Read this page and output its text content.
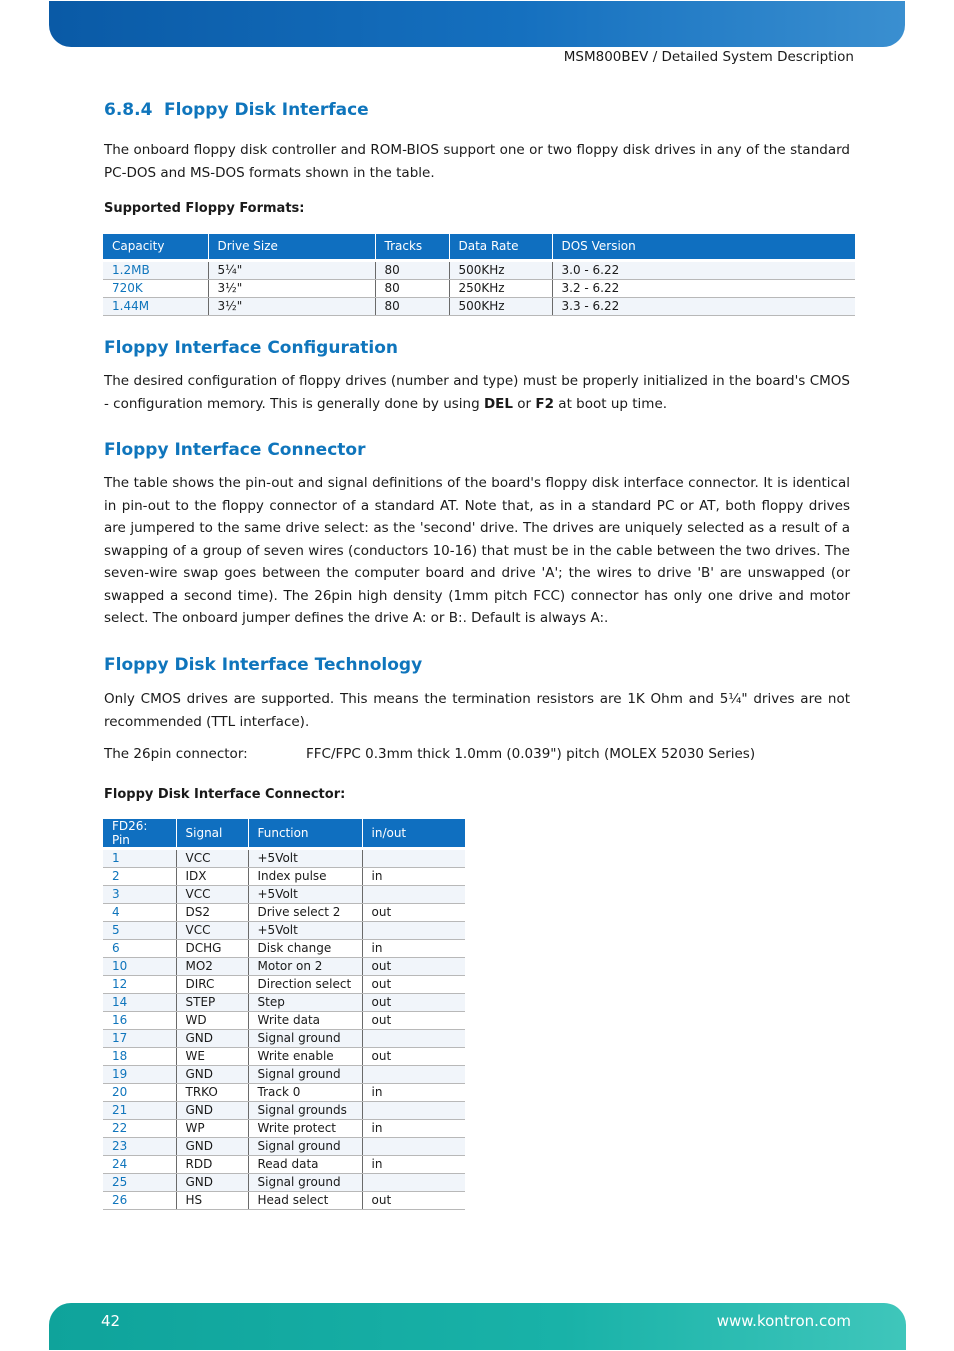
MSM800BEV / Detailed System Description
6.8.4 Floppy Disk Interface

The onboard floppy disk controller and ROM-BIOS support one or two floppy disk drives in any of the standard PC-DOS and MS-DOS formats shown in the table.

Supported Floppy Formats:
Capacity	Drive Size	Tracks	Data Rate	DOS Version
1.2MB	5¼"	80	500KHz	3.0 - 6.22
720K	3½"	80	250KHz	3.2 - 6.22
1.44M	3½"	80	500KHz	3.3 - 6.22
Floppy Interface Configuration

The desired configuration of floppy drives (number and type) must be properly initialized in the board's CMOS - configuration memory. This is generally done by using DEL or F2 at boot up time.

Floppy Interface Connector

The table shows the pin-out and signal definitions of the board's floppy disk interface connector. It is identical in pin-out to the floppy connector of a standard AT. Note that, as in a standard PC or AT, both floppy drives are jumpered to the same drive select: as the 'second' drive. The drives are uniquely selected as a result of a swapping of a group of seven wires (conductors 10-16) that must be in the cable between the two drives. The seven-wire swap goes between the computer board and drive 'A'; the wires to drive 'B' are unswapped (or swapped a second time). The 26pin high density (1mm pitch FCC) connector has only one drive and motor select. The onboard jumper defines the drive A: or B:. Default is always A:.

Floppy Disk Interface Technology

Only CMOS drives are supported. This means the termination resistors are 1K Ohm and 5¼" drives are not recommended (TTL interface).

The 26pin connector:	FFC/FPC 0.3mm thick 1.0mm (0.039") pitch (MOLEX 52030 Series)
Floppy Disk Interface Connector:
FD26: Pin	Signal	Function	in/out
1	VCC	+5Volt	
2	IDX	Index pulse	in
3	VCC	+5Volt	
4	DS2	Drive select 2	out
5	VCC	+5Volt	
6	DCHG	Disk change	in
10	MO2	Motor on 2	out
12	DIRC	Direction select	out
14	STEP	Step	out
16	WD	Write data	out
17	GND	Signal ground	
18	WE	Write enable	out
19	GND	Signal ground	
20	TRKO	Track 0	in
21	GND	Signal grounds	
22	WP	Write protect	in
23	GND	Signal ground	
24	RDD	Read data	in
25	GND	Signal ground	
26	HS	Head select	out
42	www.kontron.com
